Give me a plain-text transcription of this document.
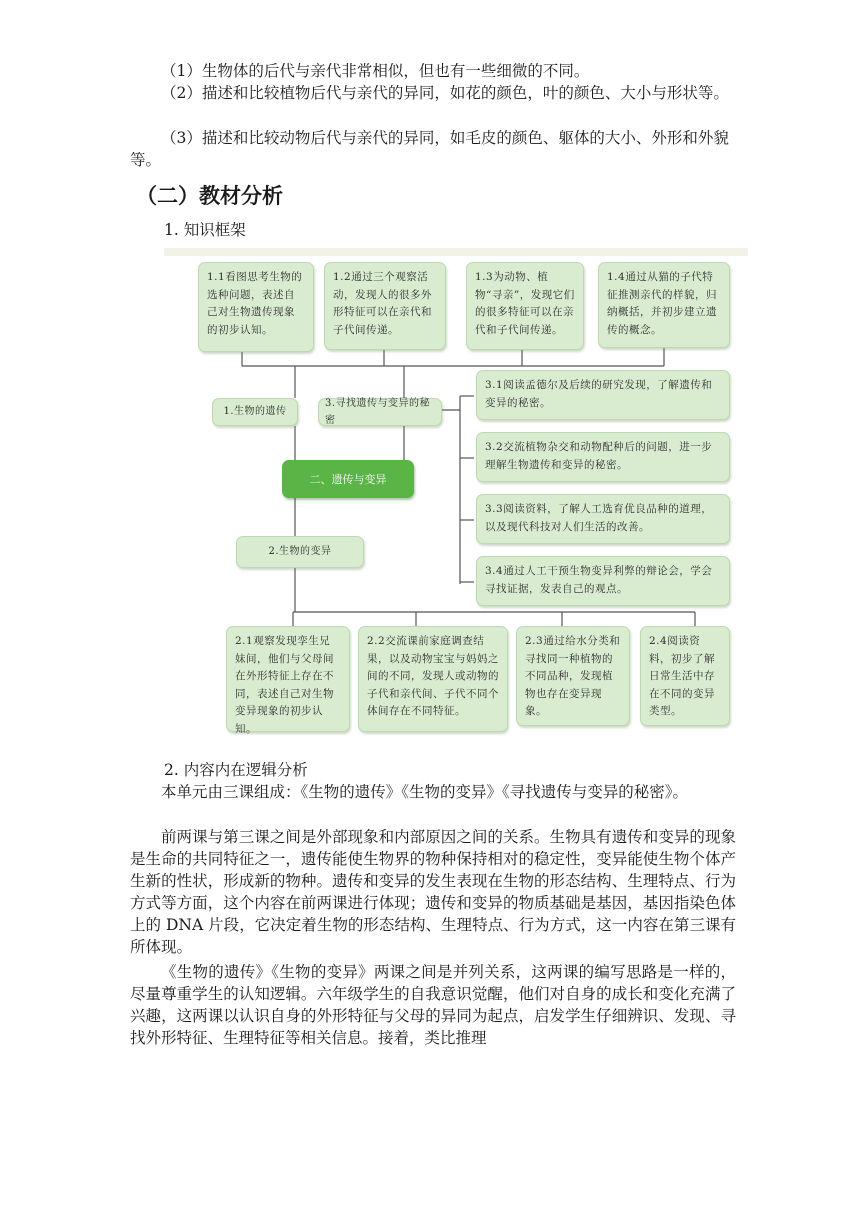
（1）生物体的后代与亲代非常相似，但也有一些细微的不同。

（2）描述和比较植物后代与亲代的异同，如花的颜色，叶的颜色、大小与形状等。

（3）描述和比较动物后代与亲代的异同，如毛皮的颜色、躯体的大小、外形和外貌等。

（二）教材分析

1. 知识框架

1.1看图思考生物的选种问题，表述自己对生物遗传现象的初步认知。
1.2通过三个观察活动，发现人的很多外形特征可以在亲代和子代间传递。
1.3为动物、植物“寻亲”，发现它们的很多特征可以在亲代和子代间传递。
1.4通过从猫的子代特征推测亲代的样貌，归纳概括，并初步建立遗传的概念。
1.生物的遗传
3.寻找遗传与变异的秘密
二、遗传与变异
2.生物的变异
3.1阅读孟德尔及后续的研究发现，了解遗传和变异的秘密。
3.2交流植物杂交和动物配种后的问题，进一步理解生物遗传和变异的秘密。
3.3阅读资料，了解人工选育优良品种的道理，以及现代科技对人们生活的改善。
3.4通过人工干预生物变异利弊的辩论会，学会寻找证据，发表自己的观点。
2.1观察发现孪生兄妹间，他们与父母间在外形特征上存在不同，表述自己对生物变异现象的初步认知。
2.2交流课前家庭调查结果，以及动物宝宝与妈妈之间的不同，发现人或动物的子代和亲代间、子代不同个体间存在不同特征。
2.3通过给水分类和寻找同一种植物的不同品种，发现植物也存在变异现象。
2.4阅读资料，初步了解日常生活中存在不同的变异类型。

2. 内容内在逻辑分析

本单元由三课组成：《生物的遗传》《生物的变异》《寻找遗传与变异的秘密》。

前两课与第三课之间是外部现象和内部原因之间的关系。生物具有遗传和变异的现象是生命的共同特征之一，遗传能使生物界的物种保持相对的稳定性，变异能使生物个体产生新的性状，形成新的物种。遗传和变异的发生表现在生物的形态结构、生理特点、行为方式等方面，这个内容在前两课进行体现；遗传和变异的物质基础是基因，基因指染色体上的 DNA 片段，它决定着生物的形态结构、生理特点、行为方式，这一内容在第三课有所体现。

《生物的遗传》《生物的变异》两课之间是并列关系，这两课的编写思路是一样的，尽量尊重学生的认知逻辑。六年级学生的自我意识觉醒，他们对自身的成长和变化充满了兴趣，这两课以认识自身的外形特征与父母的异同为起点，启发学生仔细辨识、发现、寻找外形特征、生理特征等相关信息。接着，类比推理
